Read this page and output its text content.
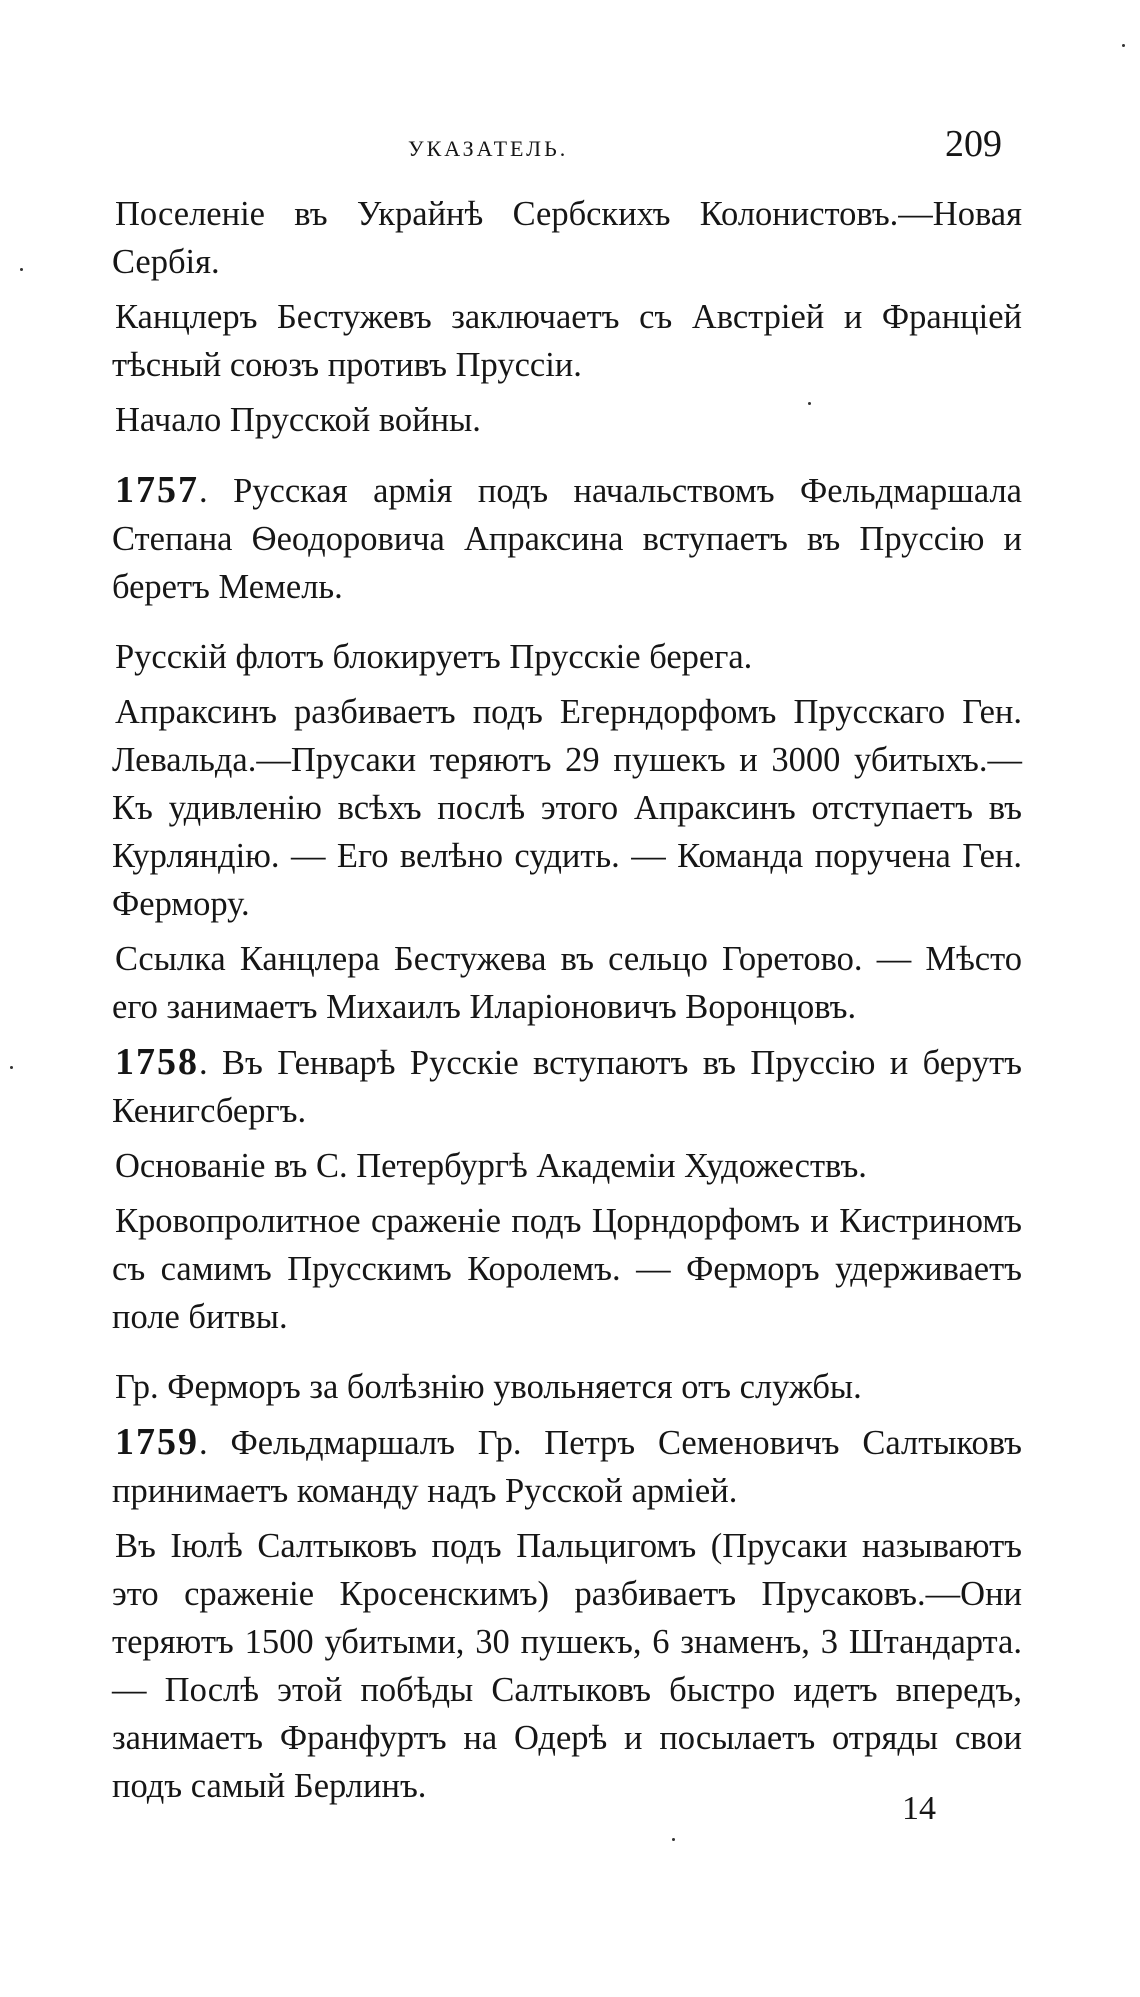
УКАЗАТЕЛЬ.	209

Поселеніе въ Украйнѣ Сербскихъ Колонистовъ.—Новая Сербія.

Канцлеръ Бестужевъ заключаетъ съ Австріей и Франціей тѣсный союзъ противъ Пруссіи.

Начало Прусской войны.

1757. Русская армія подъ начальствомъ Фельдмаршала Степана Ѳеодоровича Апраксина вступаетъ въ Пруссію и беретъ Мемель.

Русскій флотъ блокируетъ Прусскіе берега.

Апраксинъ разбиваетъ подъ Егерндорфомъ Прусскаго Ген. Левальда.—Прусаки теряютъ 29 пушекъ и 3000 убитыхъ.—Къ удивленію всѣхъ послѣ этого Апраксинъ отступаетъ въ Курляндію. — Его велѣно судить. — Команда поручена Ген. Фермору.

Ссылка Канцлера Бестужева въ сельцо Горетово. — Мѣсто его занимаетъ Михаилъ Иларіоновичъ Воронцовъ.

1758. Въ Генварѣ Русскіе вступаютъ въ Пруссію и берутъ Кенигсбергъ.

Основаніе въ С. Петербургѣ Академіи Художествъ.

Кровопролитное сраженіе подъ Цорндорфомъ и Кистриномъ съ самимъ Прусскимъ Королемъ. — Ферморъ удерживаетъ поле битвы.

Гр. Ферморъ за болѣзнію увольняется отъ службы.

1759. Фельдмаршалъ Гр. Петръ Семеновичъ Салтыковъ принимаетъ команду надъ Русской арміей.

Въ Іюлѣ Салтыковъ подъ Пальцигомъ (Прусаки называютъ это сраженіе Кросенскимъ) разбиваетъ Прусаковъ.—Они теряютъ 1500 убитыми, 30 пушекъ, 6 знаменъ, 3 Штандарта. — Послѣ этой побѣды Салтыковъ быстро идетъ впередъ, занимаетъ Франфуртъ на Одерѣ и посылаетъ отряды свои подъ самый Берлинъ.

14
